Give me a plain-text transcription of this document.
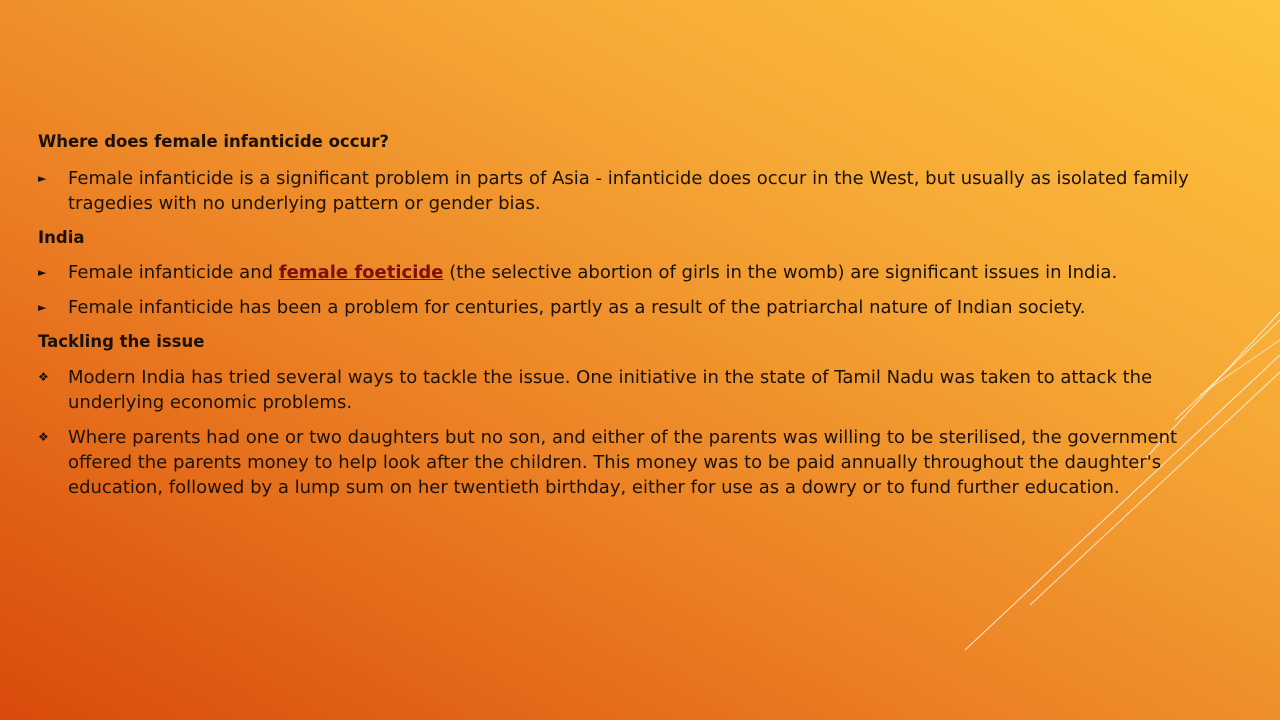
Where does female infanticide occur?

► Female infanticide is a significant problem in parts of Asia - infanticide does occur in the West, but usually as isolated family tragedies with no underlying pattern or gender bias.

India

► Female infanticide and female foeticide (the selective abortion of girls in the womb) are significant issues in India.
► Female infanticide has been a problem for centuries, partly as a result of the patriarchal nature of Indian society.

Tackling the issue

❖ Modern India has tried several ways to tackle the issue. One initiative in the state of Tamil Nadu was taken to attack the underlying economic problems.
❖ Where parents had one or two daughters but no son, and either of the parents was willing to be sterilised, the government offered the parents money to help look after the children. This money was to be paid annually throughout the daughter's education, followed by a lump sum on her twentieth birthday, either for use as a dowry or to fund further education.
